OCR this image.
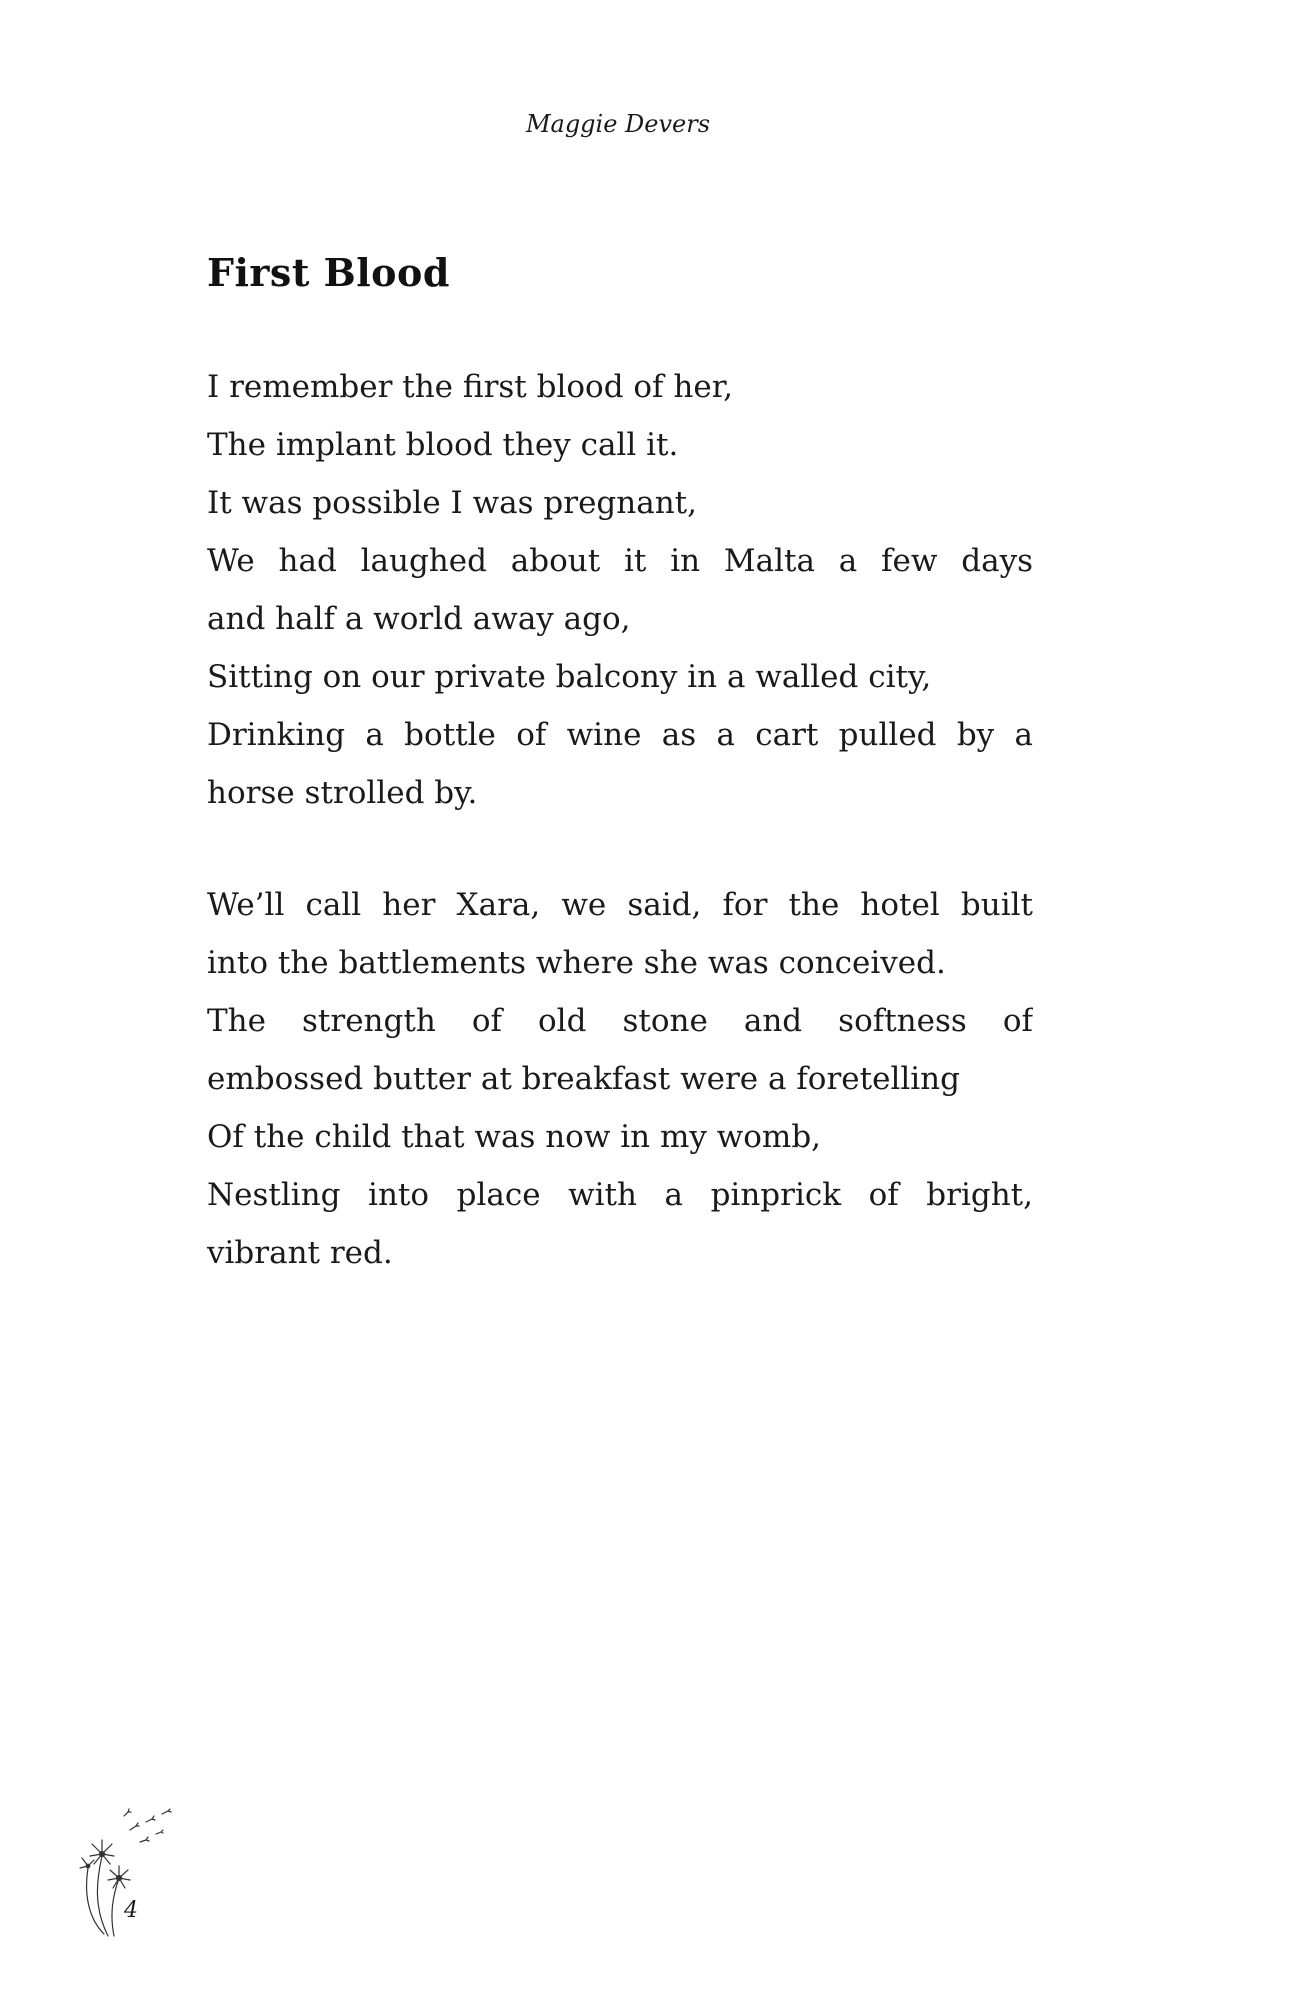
Maggie Devers
First Blood
I remember the first blood of her,
The implant blood they call it.
It was possible I was pregnant,
We had laughed about it in Malta a few days
and half a world away ago,
Sitting on our private balcony in a walled city,
Drinking a bottle of wine as a cart pulled by a
horse strolled by.
We’ll call her Xara, we said, for the hotel built
into the battlements where she was conceived.
The strength of old stone and softness of
embossed butter at breakfast were a foretelling
Of the child that was now in my womb,
Nestling into place with a pinprick of bright,
vibrant red.
4
